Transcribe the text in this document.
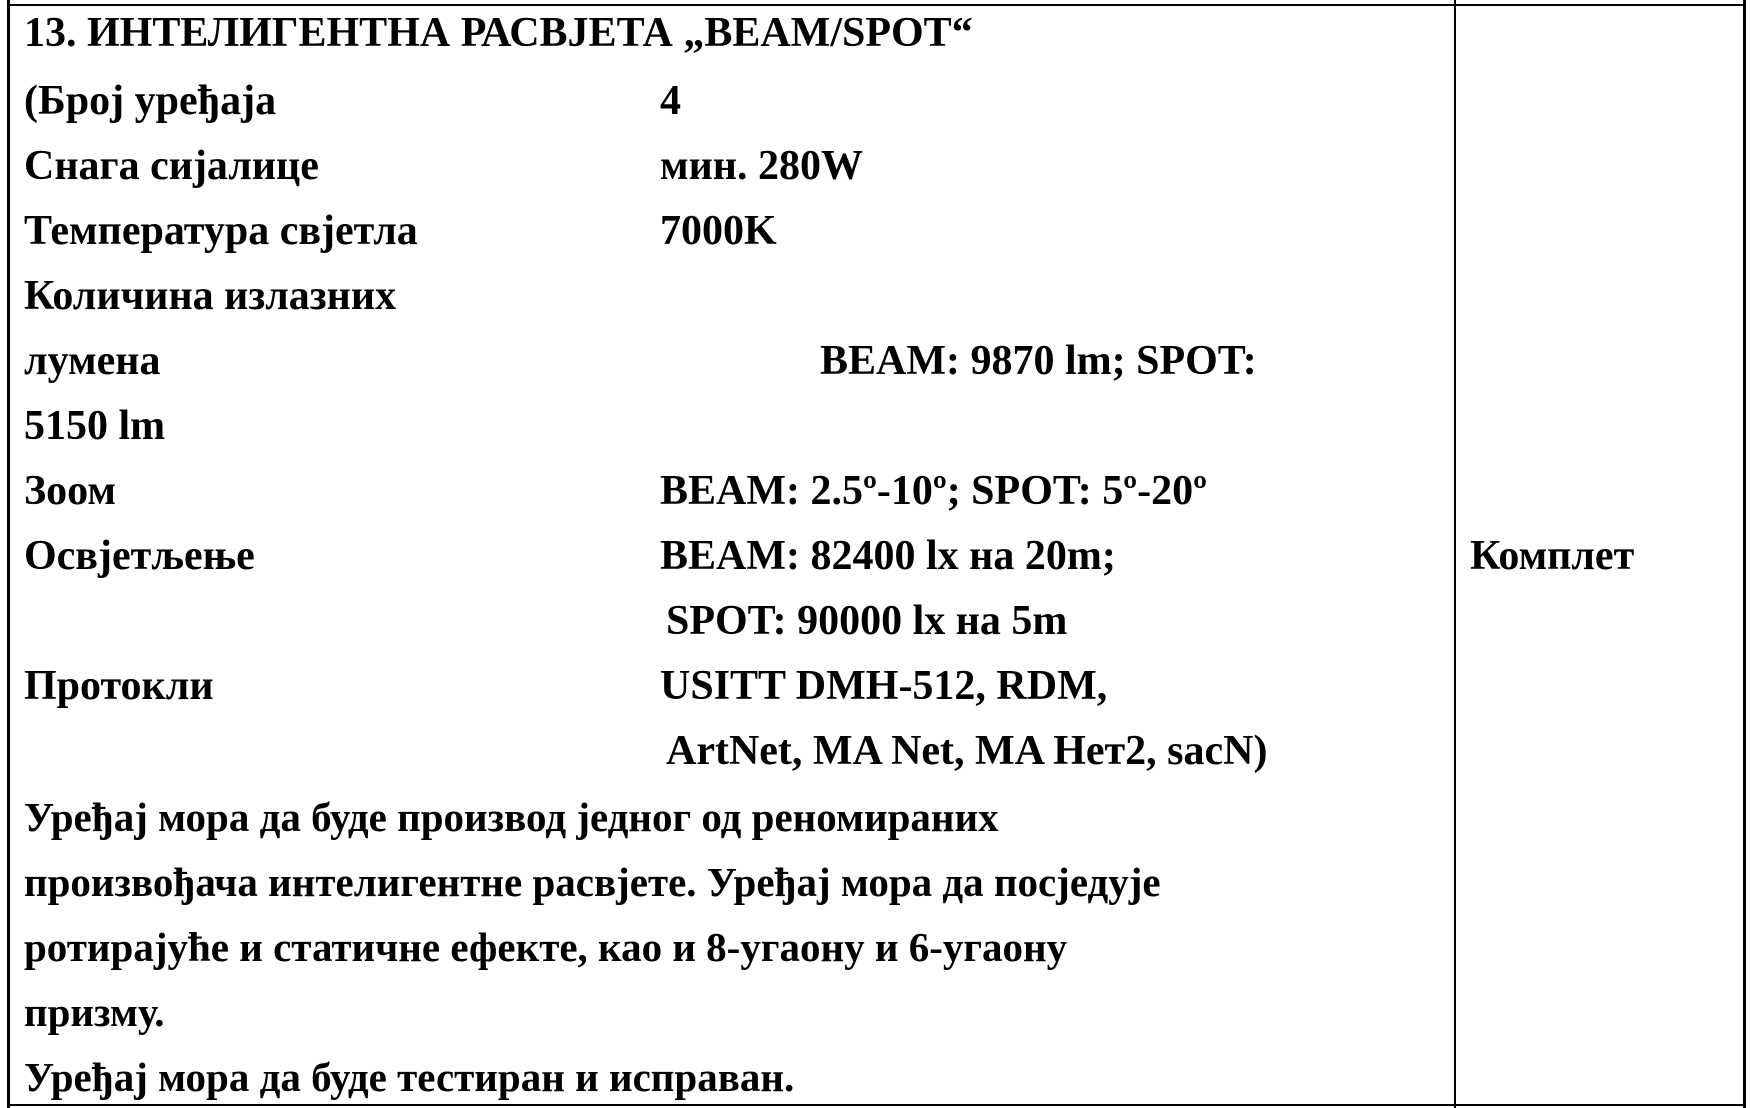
13. ИНТЕЛИГЕНТНА РАСВЈЕТА „BEAM/SPOT“
(Број уређаја	4
Снага сијалице	мин. 280W
Температура свјетла	7000K
Количина излазних
лумена	BEAM: 9870 lm; SPOT:
5150 lm
Зоом	BEAM: 2.5º-10º; SPOT: 5º-20º
Освјетљење	BEAM: 82400 lx на 20m;
SPOT: 90000 lx на 5m
Протокли	USITT DMH-512, RDM,
ArtNet, MA Net, MA Нет2, sacN)
Уређај мора да буде производ једног од реномираних
произвођача интелигентне расвјете. Уређај мора да посједује
ротирајуће и статичне ефекте, као и 8-угаону и 6-угаону
призму.
Уређај мора да буде тестиран и исправан.
Комплет
